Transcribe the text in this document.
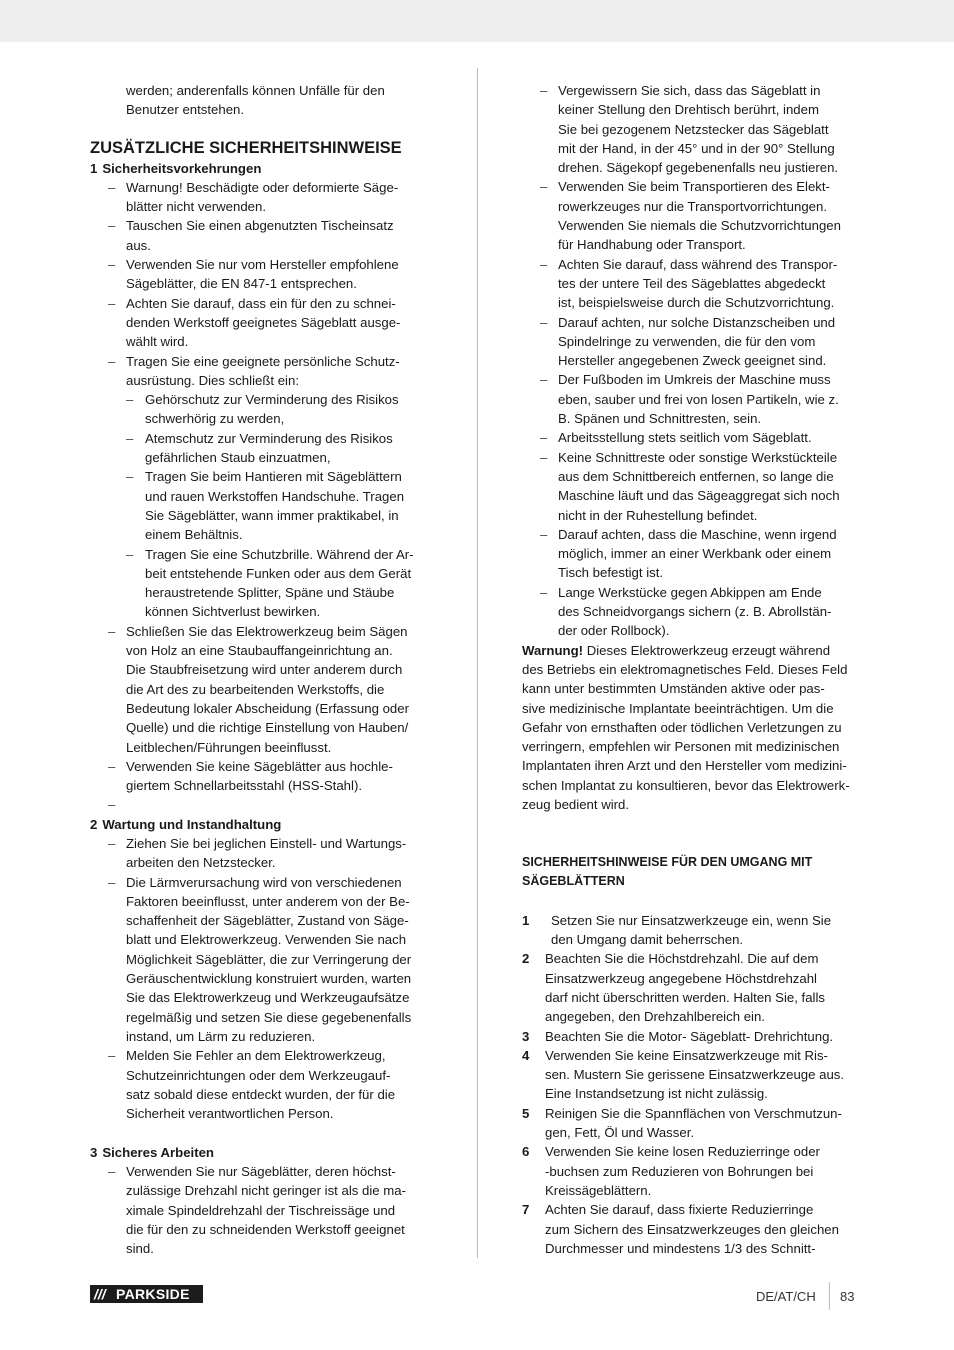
werden; anderenfalls können Unfälle für den
Benutzer entstehen.

ZUSÄTZLICHE SICHERHEITSHINWEISE

1 Sicherheitsvorkehrungen

– Warnung! Beschädigte oder deformierte Säge-
blätter nicht verwenden.
– Tauschen Sie einen abgenutzten Tischeinsatz
aus.
– Verwenden Sie nur vom Hersteller empfohlene
Sägeblätter, die EN 847-1 entsprechen.
– Achten Sie darauf, dass ein für den zu schnei-
denden Werkstoff geeignetes Sägeblatt ausge-
wählt wird.
– Tragen Sie eine geeignete persönliche Schutz-
ausrüstung. Dies schließt ein:
– Gehörschutz zur Verminderung des Risikos
schwerhörig zu werden,
– Atemschutz zur Verminderung des Risikos
gefährlichen Staub einzuatmen,
– Tragen Sie beim Hantieren mit Sägeblättern
und rauen Werkstoffen Handschuhe. Tragen
Sie Sägeblätter, wann immer praktikabel, in
einem Behältnis.
– Tragen Sie eine Schutzbrille. Während der Ar-
beit entstehende Funken oder aus dem Gerät
heraustretende Splitter, Späne und Stäube
können Sichtverlust bewirken.
– Schließen Sie das Elektrowerkzeug beim Sägen
von Holz an eine Staubauffangeinrichtung an.
Die Staubfreisetzung wird unter anderem durch
die Art des zu bearbeitenden Werkstoffs, die
Bedeutung lokaler Abscheidung (Erfassung oder
Quelle) und die richtige Einstellung von Hauben/
Leitblechen/Führungen beeinflusst.
– Verwenden Sie keine Sägeblätter aus hochle-
giertem Schnellarbeitsstahl (HSS-Stahl).
–

2 Wartung und Instandhaltung

– Ziehen Sie bei jeglichen Einstell- und Wartungs-
arbeiten den Netzstecker.
– Die Lärmverursachung wird von verschiedenen
Faktoren beeinflusst, unter anderem von der Be-
schaffenheit der Sägeblätter, Zustand von Säge-
blatt und Elektrowerkzeug. Verwenden Sie nach
Möglichkeit Sägeblätter, die zur Verringerung der
Geräuschentwicklung konstruiert wurden, warten
Sie das Elektrowerkzeug und Werkzeugaufsätze
regelmäßig und setzen Sie diese gegebenenfalls
instand, um Lärm zu reduzieren.
– Melden Sie Fehler an dem Elektrowerkzeug,
Schutzeinrichtungen oder dem Werkzeugauf-
satz sobald diese entdeckt wurden, der für die
Sicherheit verantwortlichen Person.

3 Sicheres Arbeiten

– Verwenden Sie nur Sägeblätter, deren höchst-
zulässige Drehzahl nicht geringer ist als die ma-
ximale Spindeldrehzahl der Tischreissäge und
die für den zu schneidenden Werkstoff geeignet
sind.
– Vergewissern Sie sich, dass das Sägeblatt in
keiner Stellung den Drehtisch berührt, indem
Sie bei gezogenem Netzstecker das Sägeblatt
mit der Hand, in der 45° und in der 90° Stellung
drehen. Sägekopf gegebenenfalls neu justieren.
– Verwenden Sie beim Transportieren des Elekt-
rowerkzeuges nur die Transportvorrichtungen.
Verwenden Sie niemals die Schutzvorrichtungen
für Handhabung oder Transport.
– Achten Sie darauf, dass während des Transpor-
tes der untere Teil des Sägeblattes abgedeckt
ist, beispielsweise durch die Schutzvorrichtung.
– Darauf achten, nur solche Distanzscheiben und
Spindelringe zu verwenden, die für den vom
Hersteller angegebenen Zweck geeignet sind.
– Der Fußboden im Umkreis der Maschine muss
eben, sauber und frei von losen Partikeln, wie z.
B. Spänen und Schnittresten, sein.
– Arbeitsstellung stets seitlich vom Sägeblatt.
– Keine Schnittreste oder sonstige Werkstückteile
aus dem Schnittbereich entfernen, so lange die
Maschine läuft und das Sägeaggregat sich noch
nicht in der Ruhestellung befindet.
– Darauf achten, dass die Maschine, wenn irgend
möglich, immer an einer Werkbank oder einem
Tisch befestigt ist.
– Lange Werkstücke gegen Abkippen am Ende
des Schneidvorgangs sichern (z. B. Abrollstän-
der oder Rollbock).

Warnung! Dieses Elektrowerkzeug erzeugt während
des Betriebs ein elektromagnetisches Feld. Dieses Feld
kann unter bestimmten Umständen aktive oder pas-
sive medizinische Implantate beeinträchtigen. Um die
Gefahr von ernsthaften oder tödlichen Verletzungen zu
verringern, empfehlen wir Personen mit medizinischen
Implantaten ihren Arzt und den Hersteller vom medizini-
schen Implantat zu konsultieren, bevor das Elektrowerk-
zeug bedient wird.

SICHERHEITSHINWEISE FÜR DEN UMGANG MIT
SÄGEBLÄTTERN

1 Setzen Sie nur Einsatzwerkzeuge ein, wenn Sie
den Umgang damit beherrschen.
2 Beachten Sie die Höchstdrehzahl. Die auf dem
Einsatzwerkzeug angegebene Höchstdrehzahl
darf nicht überschritten werden. Halten Sie, falls
angegeben, den Drehzahlbereich ein.
3 Beachten Sie die Motor- Sägeblatt- Drehrichtung.
4 Verwenden Sie keine Einsatzwerkzeuge mit Ris-
sen. Mustern Sie gerissene Einsatzwerkzeuge aus.
Eine Instandsetzung ist nicht zulässig.
5 Reinigen Sie die Spannflächen von Verschmutzun-
gen, Fett, Öl und Wasser.
6 Verwenden Sie keine losen Reduzierringe oder
-buchsen zum Reduzieren von Bohrungen bei
Kreissägeblättern.
7 Achten Sie darauf, dass fixierte Reduzierringe
zum Sichern des Einsatzwerkzeuges den gleichen
Durchmesser und mindestens 1/3 des Schnitt-
/// PARKSIDE	DE/AT/CH 83
